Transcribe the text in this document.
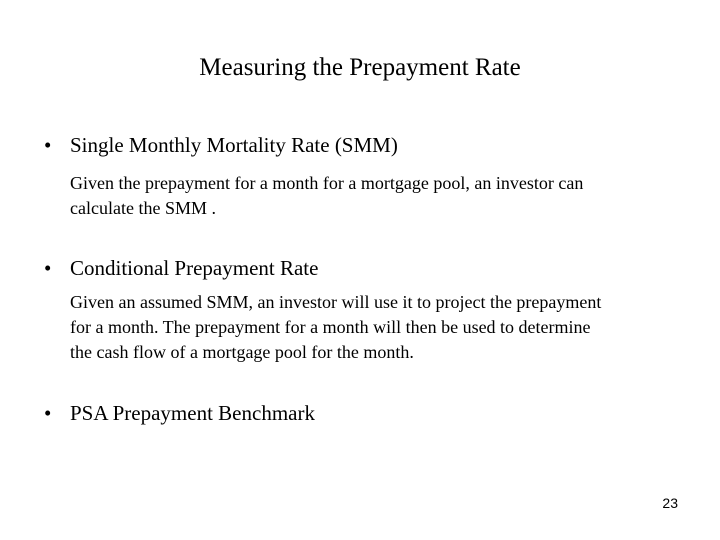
Measuring the Prepayment Rate
• Single Monthly Mortality Rate (SMM)
Given the prepayment for a month for a mortgage pool, an investor can
calculate the SMM .
• Conditional Prepayment Rate
Given an assumed SMM, an investor will use it to project the prepayment
for a month. The prepayment for a month will then be used to determine
the cash flow of a mortgage pool for the month.
• PSA Prepayment Benchmark
23
